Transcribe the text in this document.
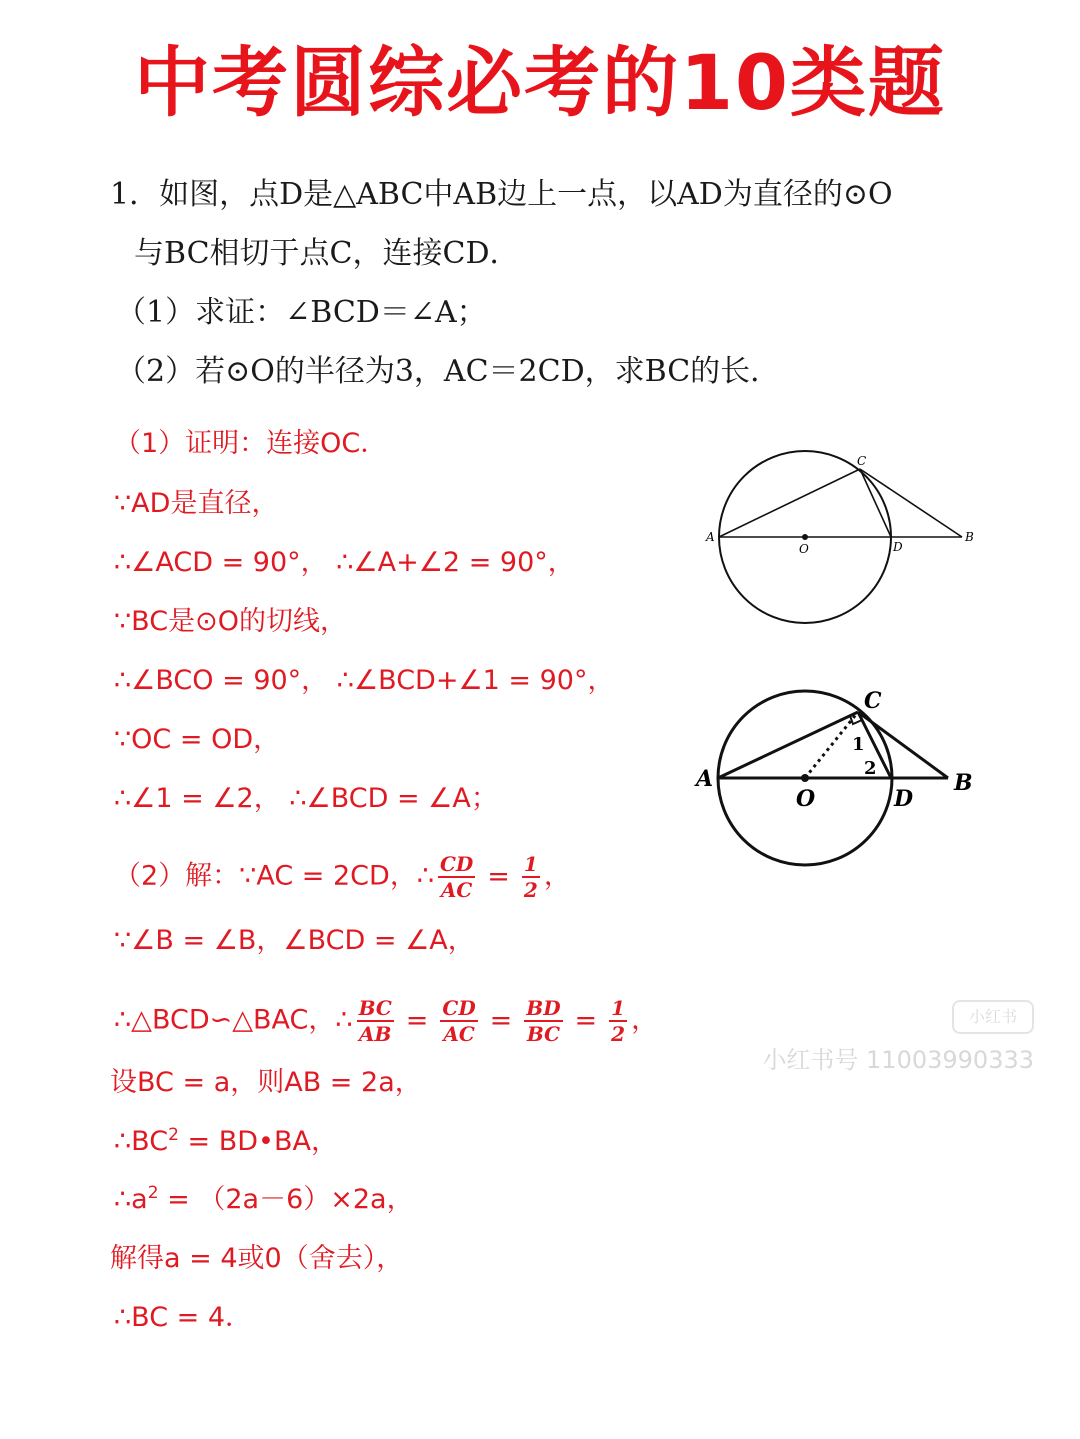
中考圆综必考的10类题
1．如图，点D是△ABC中AB边上一点，以AD为直径的⊙O
与BC相切于点C，连接CD．
（1）求证：∠BCD＝∠A；
（2）若⊙O的半径为3，AC＝2CD，求BC的长．
（1）证明：连接OC．
∵AD是直径，
∴∠ACD = 90°， ∴∠A+∠2 = 90°，
∵BC是⊙O的切线，
∴∠BCO = 90°， ∴∠BCD+∠1 = 90°，
∵OC = OD，
∴∠1 = ∠2， ∴∠BCD = ∠A；
（2）解：∵AC = 2CD，∴ $\frac{CD}{AC} = \frac{1}{2}$ ，
∵∠B = ∠B，∠BCD = ∠A，
∴△BCD∽△BAC，∴ $\frac{BC}{AB} = \frac{CD}{AC} = \frac{BD}{BC} = \frac{1}{2}$ ，
设BC = a，则AB = 2a，
$\therefore BC^2$ = BD•BA，
$\therefore a^2 = (2a-6)\times 2a$，
解得a = 4或0（舍去），
∴BC = 4．
A	B
C
D
O
A	B
C
D
O
1
2
小红书
小红书号 11003990333
